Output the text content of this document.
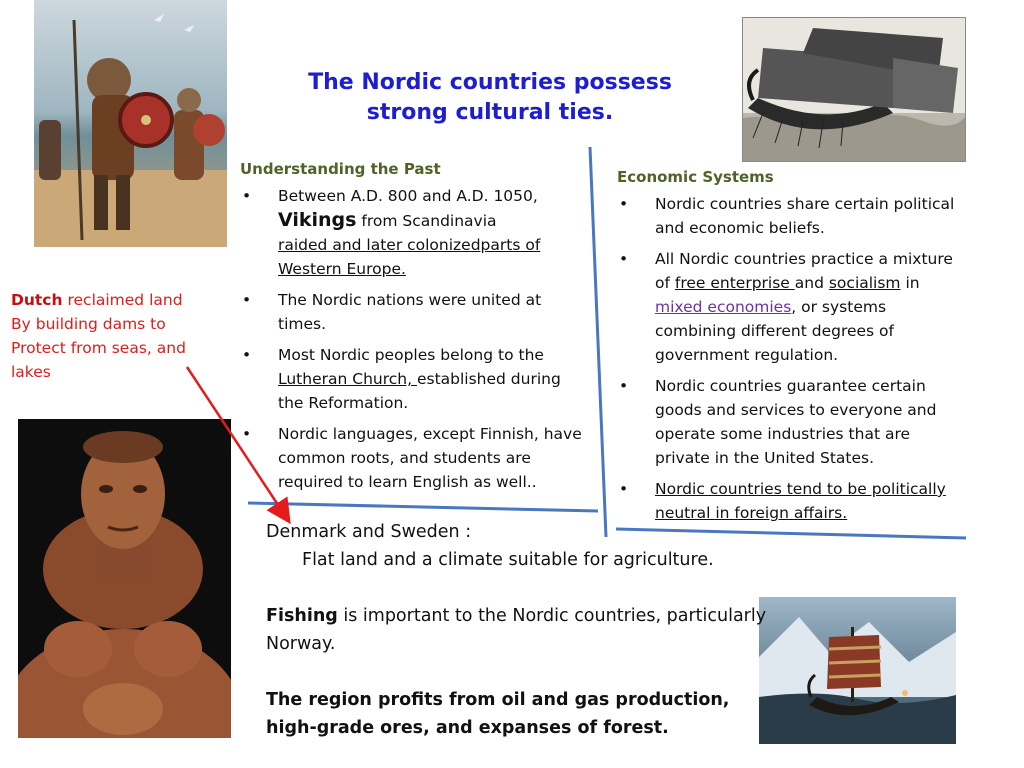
The Nordic countries possess strong cultural ties.
Understanding the Past
• Between A.D. 800 and A.D. 1050,
Vikings from Scandinavia
raided and later colonizedparts of Western Europe.
• The Nordic nations were united at times.
• Most Nordic peoples belong to the Lutheran Church, established during the Reformation.
• Nordic languages, except Finnish, have common roots, and students are required to learn English as well..
Economic Systems
• Nordic countries share certain political and economic beliefs.
• All Nordic countries practice a mixture of free enterprise and socialism in mixed economies, or systems combining different degrees of government regulation.
• Nordic countries guarantee certain goods and services to everyone and operate some industries that are private in the United States.
• Nordic countries tend to be politically neutral in foreign affairs.
Dutch reclaimed land
By building dams to
Protect from seas, and
lakes

Denmark and Sweden :

Flat land and a climate suitable for agriculture.

Fishing is important to the Nordic countries, particularly Norway.

The region profits from oil and gas production, high-grade ores, and expanses of forest.
